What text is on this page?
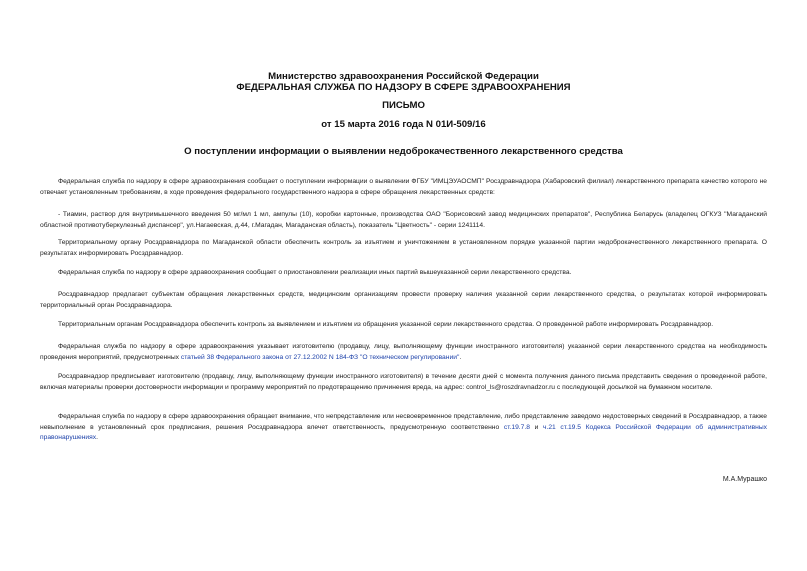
Министерство здравоохранения Российской Федерации
ФЕДЕРАЛЬНАЯ СЛУЖБА ПО НАДЗОРУ В СФЕРЕ ЗДРАВООХРАНЕНИЯ
ПИСЬМО
от 15 марта 2016 года N 01И-509/16
О поступлении информации о выявлении недоброкачественного лекарственного средства
Федеральная служба по надзору в сфере здравоохранения сообщает о поступлении информации о выявлении ФГБУ "ИМЦЭУАОСМП" Росздравнадзора (Хабаровский филиал) лекарственного препарата качество которого не отвечает установленным требованиям, в ходе проведения федерального государственного надзора в сфере обращения лекарственных средств:
- Тиамин, раствор для внутримышечного введения 50 мг/мл 1 мл, ампулы (10), коробки картонные, производства ОАО "Борисовский завод медицинских препаратов", Республика Беларусь (владелец ОГКУЗ "Магаданский областной противотуберкулезный диспансер", ул.Нагаевская, д.44, г.Магадан, Магаданская область), показатель "Цветность" - серии 1241114.
Территориальному органу Росздравнадзора по Магаданской области обеспечить контроль за изъятием и уничтожением в установленном порядке указанной партии недоброкачественного лекарственного препарата. О результатах информировать Росздравнадзор.
Федеральная служба по надзору в сфере здравоохранения сообщает о приостановлении реализации иных партий вышеуказанной серии лекарственного средства.
Росздравнадзор предлагает субъектам обращения лекарственных средств, медицинским организациям провести проверку наличия указанной серии лекарственного средства, о результатах которой информировать территориальный орган Росздравнадзора.
Территориальным органам Росздравнадзора обеспечить контроль за выявлением и изъятием из обращения указанной серии лекарственного средства. О проведенной работе информировать Росздравнадзор.
Федеральная служба по надзору в сфере здравоохранения указывает изготовителю (продавцу, лицу, выполняющему функции иностранного изготовителя) указанной серии лекарственного средства на необходимость проведения мероприятий, предусмотренных статьей 38 Федерального закона от 27.12.2002 N 184-ФЗ "О техническом регулировании".
Росздравнадзор предписывает изготовителю (продавцу, лицу, выполняющему функции иностранного изготовителя) в течение десяти дней с момента получения данного письма представить сведения о проведенной работе, включая материалы проверки достоверности информации и программу мероприятий по предотвращению причинения вреда, на адрес: control_ls@roszdravnadzor.ru с последующей досылкой на бумажном носителе.
Федеральная служба по надзору в сфере здравоохранения обращает внимание, что непредставление или несвоевременное представление, либо представление заведомо недостоверных сведений в Росздравнадзор, а также невыполнение в установленный срок предписания, решения Росздравнадзора влечет ответственность, предусмотренную соответственно ст.19.7.8 и ч.21 ст.19.5 Кодекса Российской Федерации об административных правонарушениях.
М.А.Мурашко
